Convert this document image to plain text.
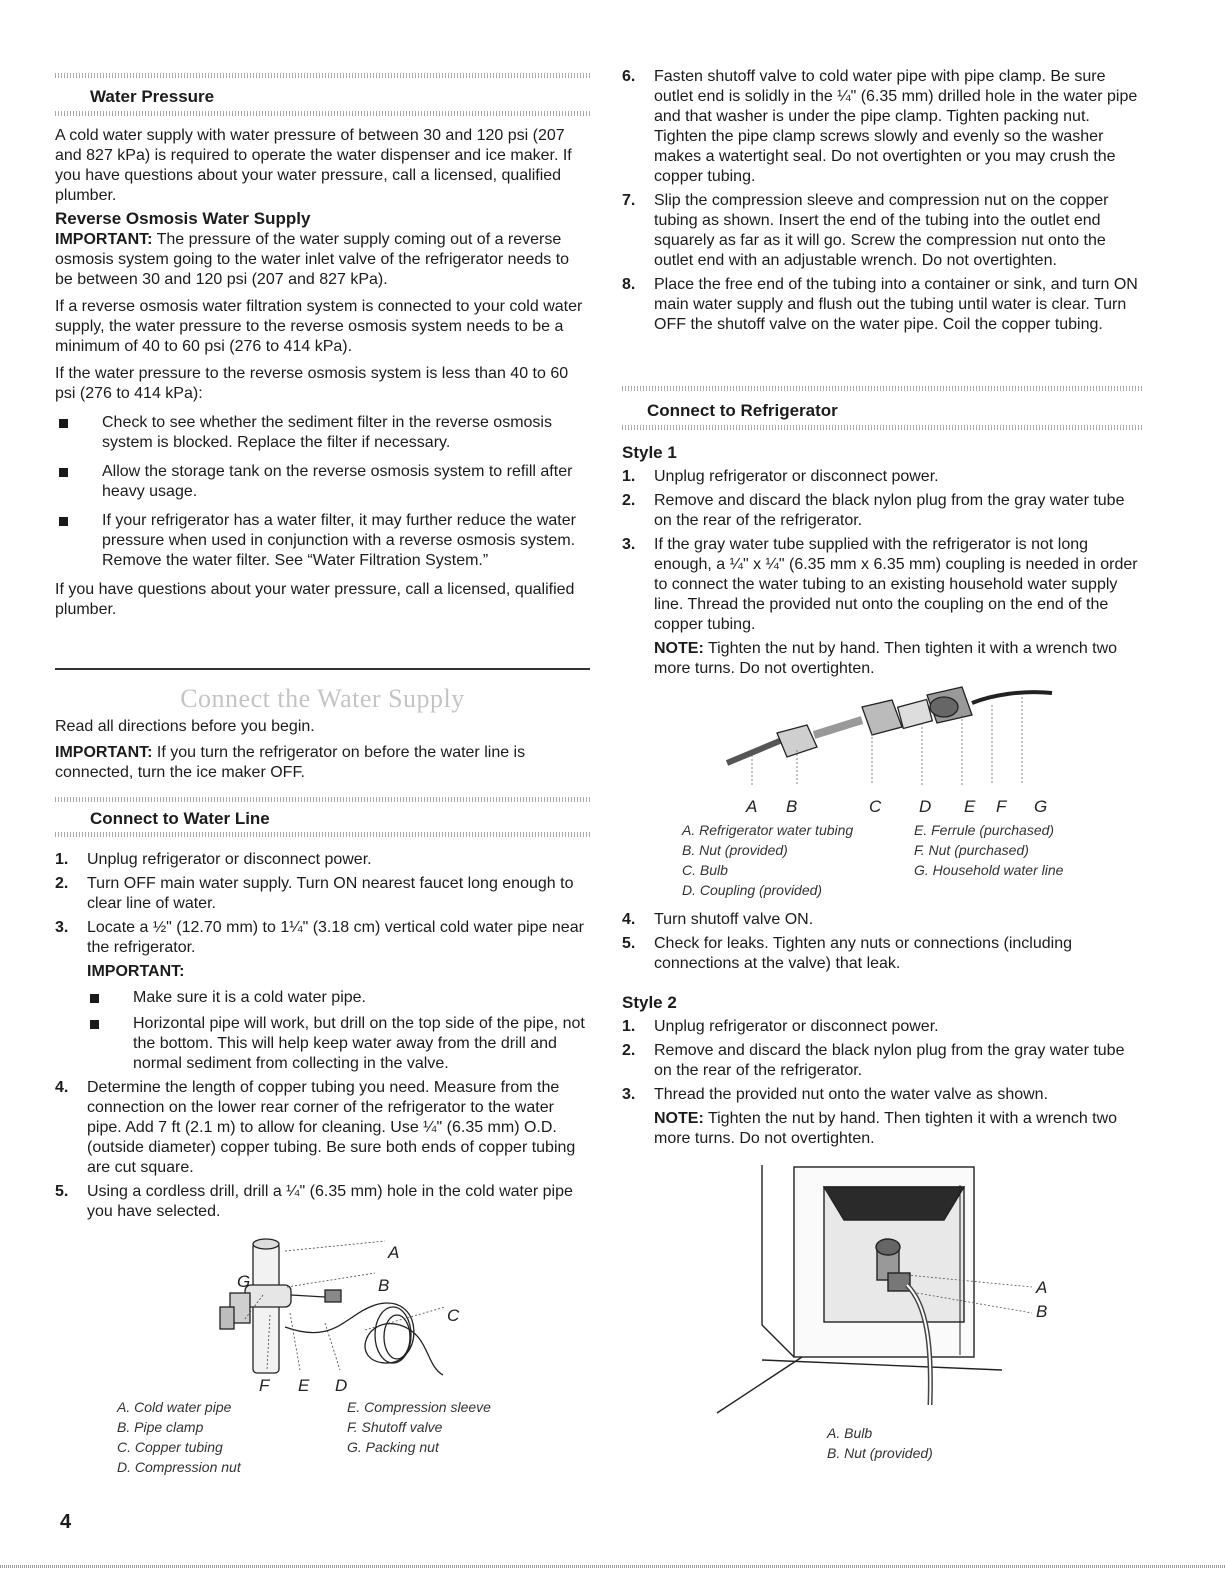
Water Pressure

A cold water supply with water pressure of between 30 and 120 psi (207 and 827 kPa) is required to operate the water dispenser and ice maker. If you have questions about your water pressure, call a licensed, qualified plumber.

Reverse Osmosis Water Supply

IMPORTANT: The pressure of the water supply coming out of a reverse osmosis system going to the water inlet valve of the refrigerator needs to be between 30 and 120 psi (207 and 827 kPa).

If a reverse osmosis water filtration system is connected to your cold water supply, the water pressure to the reverse osmosis system needs to be a minimum of 40 to 60 psi (276 to 414 kPa).

If the water pressure to the reverse osmosis system is less than 40 to 60 psi (276 to 414 kPa):

Check to see whether the sediment filter in the reverse osmosis system is blocked. Replace the filter if necessary.
Allow the storage tank on the reverse osmosis system to refill after heavy usage.
If your refrigerator has a water filter, it may further reduce the water pressure when used in conjunction with a reverse osmosis system. Remove the water filter. See “Water Filtration System.”

If you have questions about your water pressure, call a licensed, qualified plumber.

Connect the Water Supply

Read all directions before you begin.

IMPORTANT: If you turn the refrigerator on before the water line is connected, turn the ice maker OFF.

Connect to Water Line
1. Unplug refrigerator or disconnect power.
2. Turn OFF main water supply. Turn ON nearest faucet long enough to clear line of water.
3. Locate a ½" (12.70 mm) to 1¼" (3.18 cm) vertical cold water pipe near the refrigerator.
IMPORTANT:
Make sure it is a cold water pipe.
Horizontal pipe will work, but drill on the top side of the pipe, not the bottom. This will help keep water away from the drill and normal sediment from collecting in the valve.
4. Determine the length of copper tubing you need. Measure from the connection on the lower rear corner of the refrigerator to the water pipe. Add 7 ft (2.1 m) to allow for cleaning. Use ¼" (6.35 mm) O.D. (outside diameter) copper tubing. Be sure both ends of copper tubing are cut square.
5. Using a cordless drill, drill a ¼" (6.35 mm) hole in the cold water pipe you have selected.
A
B
C
G
F E D
A. Cold water pipe
B. Pipe clamp
C. Copper tubing
D. Compression nut
E. Compression sleeve
F. Shutoff valve
G. Packing nut
6. Fasten shutoff valve to cold water pipe with pipe clamp. Be sure outlet end is solidly in the ¼" (6.35 mm) drilled hole in the water pipe and that washer is under the pipe clamp. Tighten packing nut. Tighten the pipe clamp screws slowly and evenly so the washer makes a watertight seal. Do not overtighten or you may crush the copper tubing.
7. Slip the compression sleeve and compression nut on the copper tubing as shown. Insert the end of the tubing into the outlet end squarely as far as it will go. Screw the compression nut onto the outlet end with an adjustable wrench. Do not overtighten.
8. Place the free end of the tubing into a container or sink, and turn ON main water supply and flush out the tubing until water is clear. Turn OFF the shutoff valve on the water pipe. Coil the copper tubing.
Connect to Refrigerator
Style 1
1. Unplug refrigerator or disconnect power.
2. Remove and discard the black nylon plug from the gray water tube on the rear of the refrigerator.
3. If the gray water tube supplied with the refrigerator is not long enough, a ¼" x ¼" (6.35 mm x 6.35 mm) coupling is needed in order to connect the water tubing to an existing household water supply line. Thread the provided nut onto the coupling on the end of the copper tubing.

NOTE: Tighten the nut by hand. Then tighten it with a wrench two more turns. Do not overtighten.

A B	C D E F G
A. Refrigerator water tubing
B. Nut (provided)
C. Bulb
D. Coupling (provided)
E. Ferrule (purchased)
F. Nut (purchased)
G. Household water line
4. Turn shutoff valve ON.
5. Check for leaks. Tighten any nuts or connections (including connections at the valve) that leak.
Style 2
1. Unplug refrigerator or disconnect power.
2. Remove and discard the black nylon plug from the gray water tube on the rear of the refrigerator.
3. Thread the provided nut onto the water valve as shown.

NOTE: Tighten the nut by hand. Then tighten it with a wrench two more turns. Do not overtighten.

A
B
A. Bulb
B. Nut (provided)
4
